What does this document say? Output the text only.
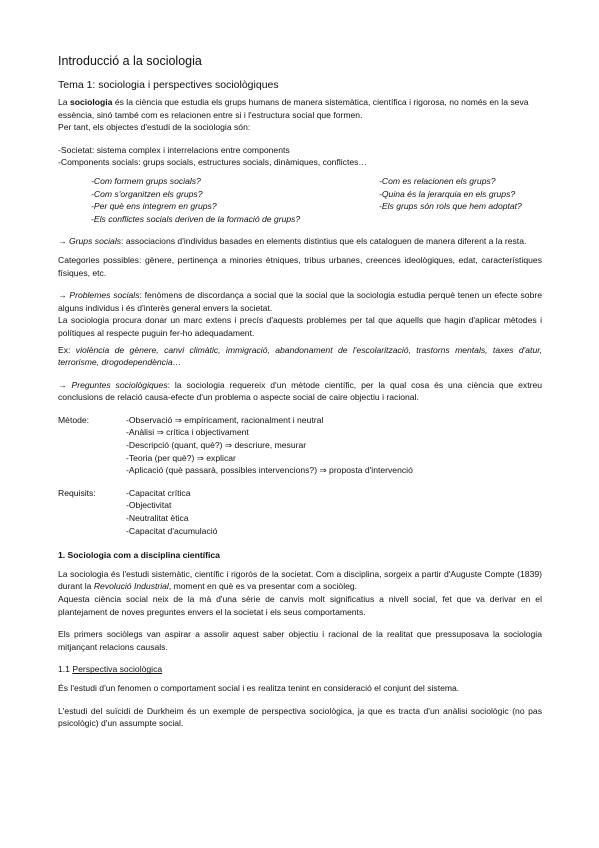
Introducció a la sociologia
Tema 1: sociologia i perspectives sociològiques

La sociologia és la ciència que estudia els grups humans de manera sistemàtica, científica i rigorosa, no només en la seva essència, sinó també com es relacionen entre si i l'estructura social que formen.

Per tant, els objectes d'estudi de la sociologia són:

-Societat: sistema complex i interrelacions entre components

-Components socials: grups socials, estructures socials, dinàmiques, conflictes…

-Com formem grups socials?
-Com s'organitzen els grups?
-Per què ens integrem en grups?
-Els conflictes socials deriven de la formació de grups?
-Com es relacionen els grups?
-Quina és la jerarquia en els grups?
-Els grups són rols que hem adoptat?

→ Grups socials: associacions d'individus basades en elements distintius que els cataloguen de manera diferent a la resta.

Categories possibles: gènere, pertinença a minories ètniques, tribus urbanes, creences ideològiques, edat, característiques físiques, etc.

→ Problemes socials: fenòmens de discordança a social que la social que la sociologia estudia perquè tenen un efecte sobre alguns individus i és d'interès general envers la societat.

La sociologia procura donar un marc extens i precís d'aquests problemes per tal que aquells que hagin d'aplicar mètodes i polítiques al respecte puguin fer-ho adequadament.

Ex: violència de gènere, canvi climàtic, immigració, abandonament de l'escolarització, trastorns mentals, taxes d'atur, terrorisme, drogodependència…

→ Preguntes sociològiques: la sociologia requereix d'un mètode científic, per la qual cosa és una ciència que extreu conclusions de relació causa-efecte d'un problema o aspecte social de caire objectiu i racional.

Mètode:	-Observació ⇒ empíricament, racionalment i neutral
-Anàlisi ⇒ crítica i objectivament
-Descripció (quant, què?) ⇒ descriure, mesurar
-Teoria (per què?) ⇒ explicar
-Aplicació (què passarà, possibles intervencions?) ⇒ proposta d'intervenció
Requisits:	-Capacitat crítica
-Objectivitat
-Neutralitat ètica
-Capacitat d'acumulació
1. Sociologia com a disciplina científica

La sociologia és l'estudi sistemàtic, científic i rigorós de la societat. Com a disciplina, sorgeix a partir d'Auguste Compte (1839) durant la Revolució Industrial, moment en què es va presentar com a sociòleg.

Aquesta ciència social neix de la mà d'una sèrie de canvis molt significatius a nivell social, fet que va derivar en el plantejament de noves preguntes envers el la societat i els seus comportaments.

Els primers sociòlegs van aspirar a assolir aquest saber objectiu i racional de la realitat que pressuposava la sociologia mitjançant relacions causals.

1.1 Perspectiva sociològica

És l'estudi d'un fenomen o comportament social i es realitza tenint en consideració el conjunt del sistema.

L'estudi del suïcidi de Durkheim és un exemple de perspectiva sociològica, ja que es tracta d'un anàlisi sociològic (no pas psicològic) d'un assumpte social.
